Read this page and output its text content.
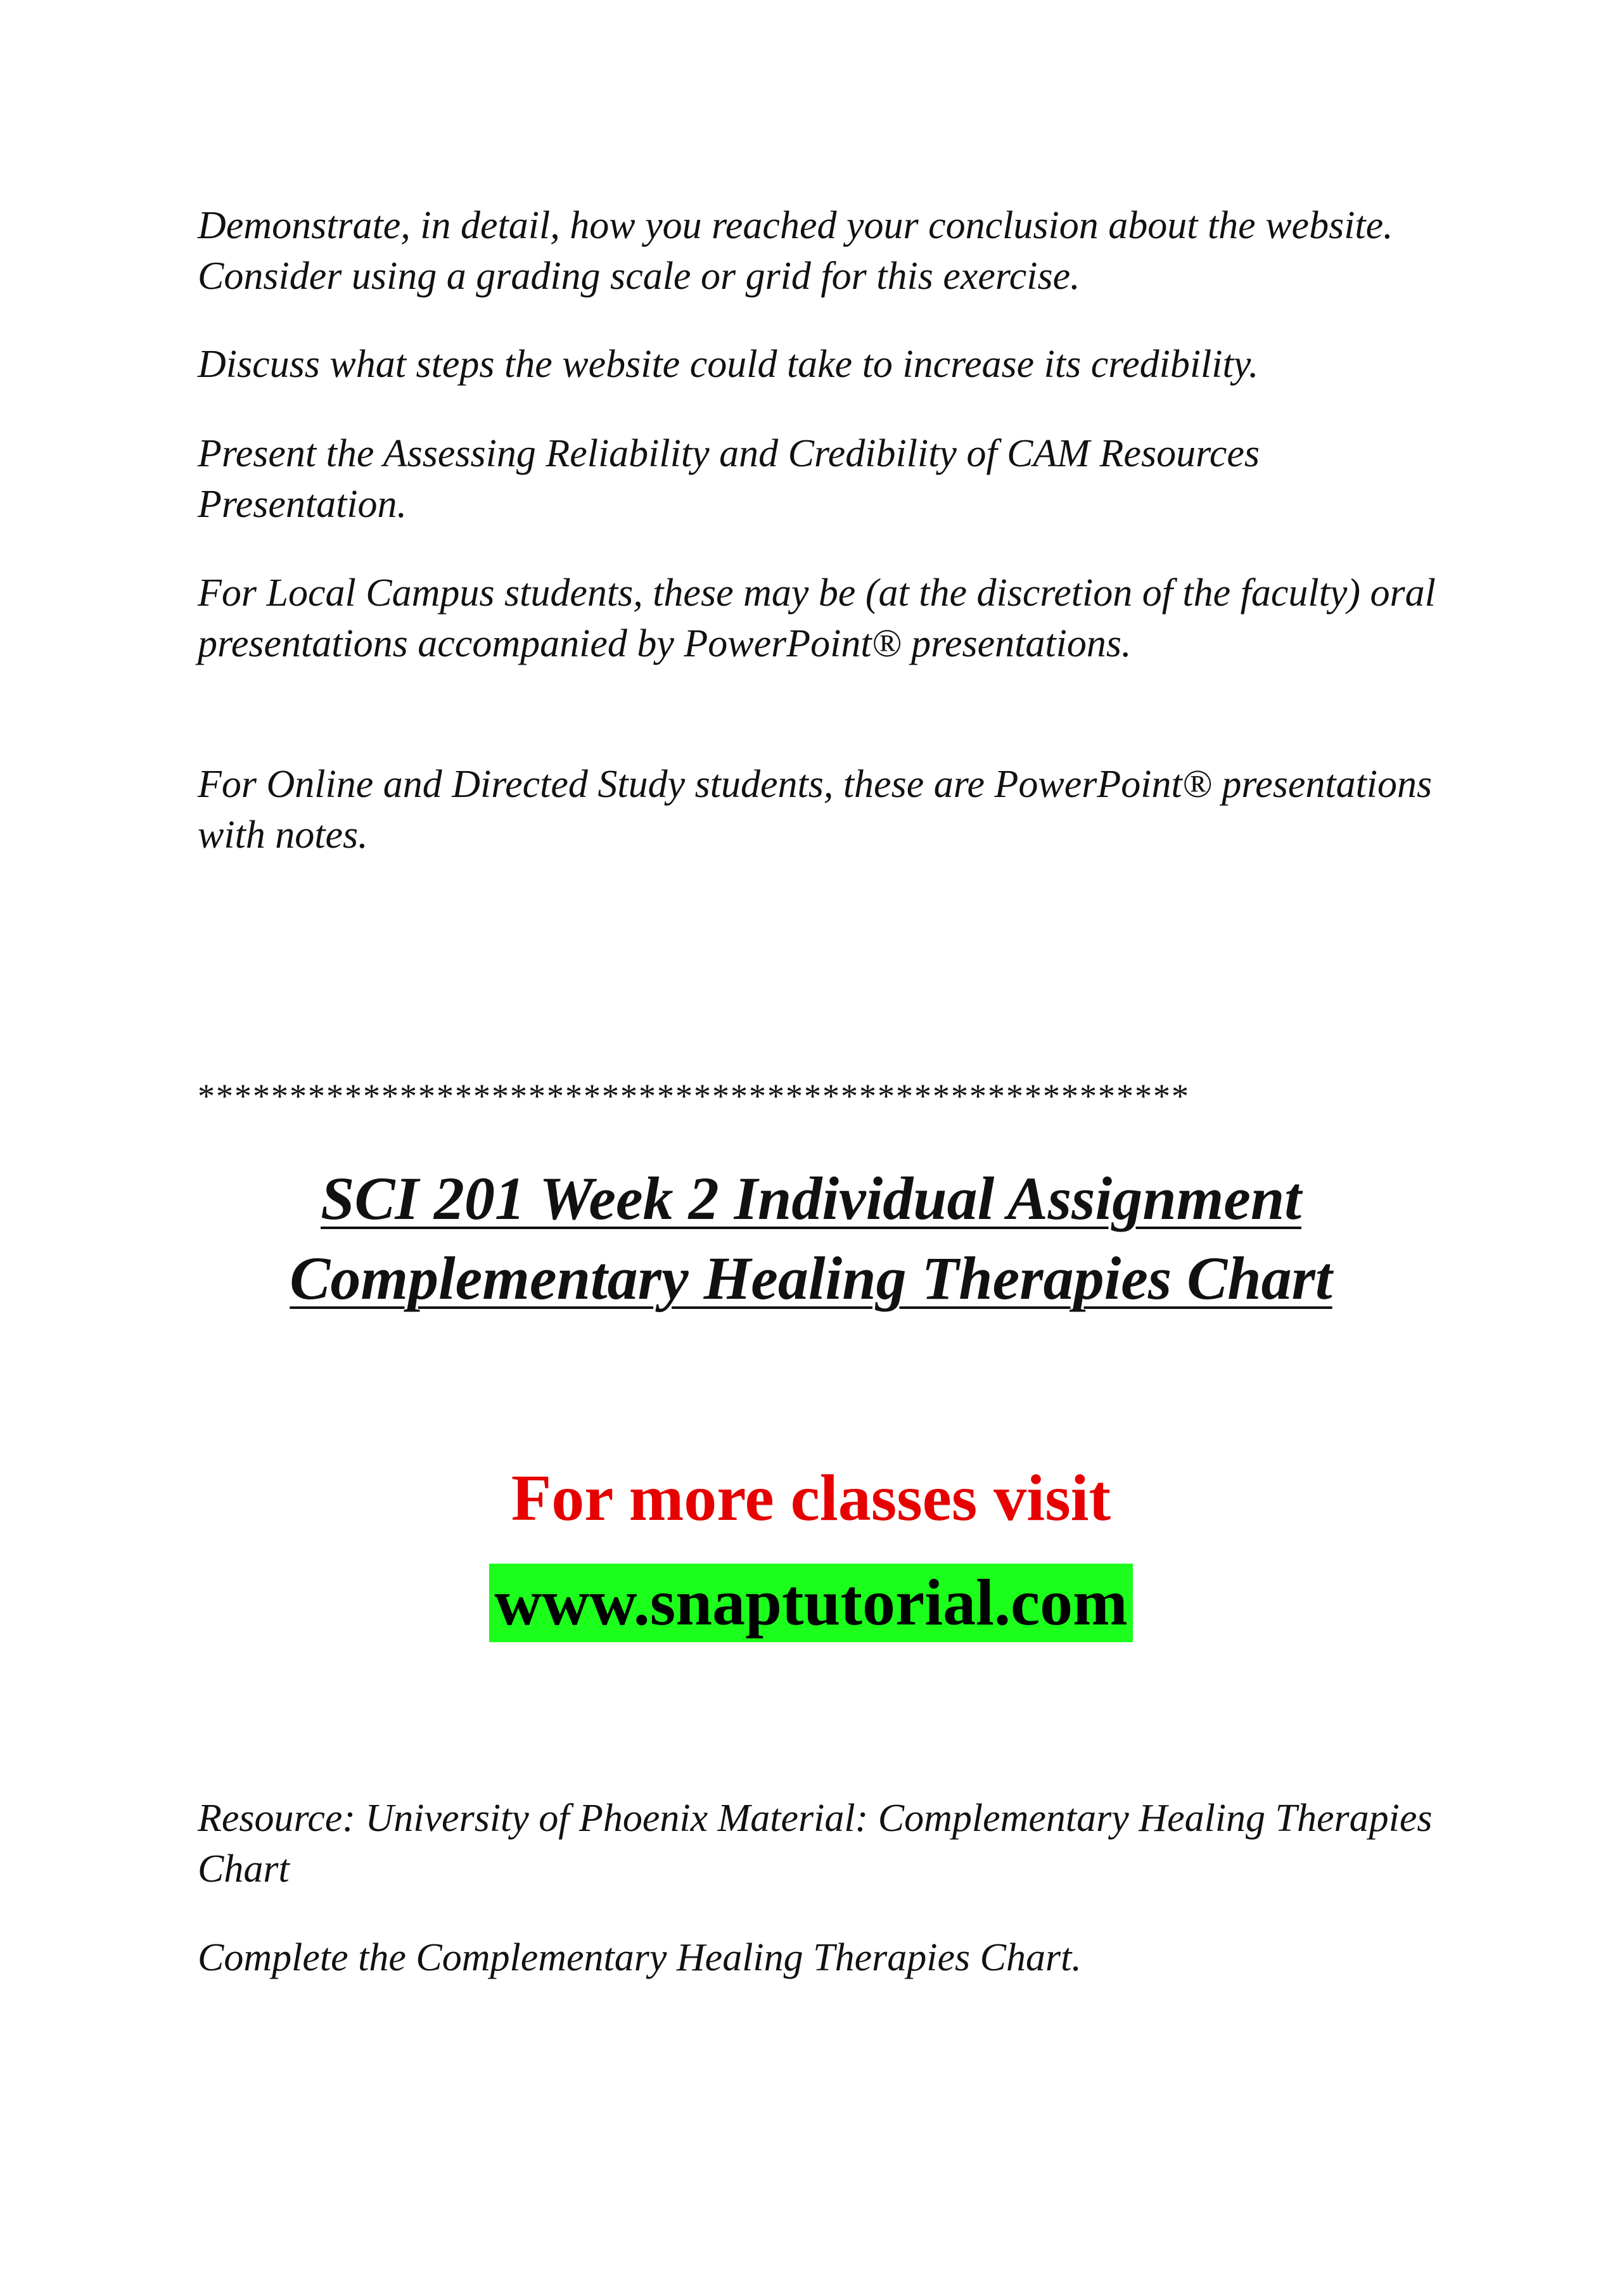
Demonstrate, in detail, how you reached your conclusion about the website. Consider using a grading scale or grid for this exercise.

Discuss what steps the website could take to increase its credibility.

Present the Assessing Reliability and Credibility of CAM Resources Presentation.

For Local Campus students, these may be (at the discretion of the faculty) oral presentations accompanied by PowerPoint® presentations.

For Online and Directed Study students, these are PowerPoint® presentations with notes.

******************************************************

SCI 201 Week 2 Individual Assignment
Complementary Healing Therapies Chart

For more classes visit

www.snaptutorial.com

Resource: University of Phoenix Material: Complementary Healing Therapies Chart

Complete the Complementary Healing Therapies Chart.
